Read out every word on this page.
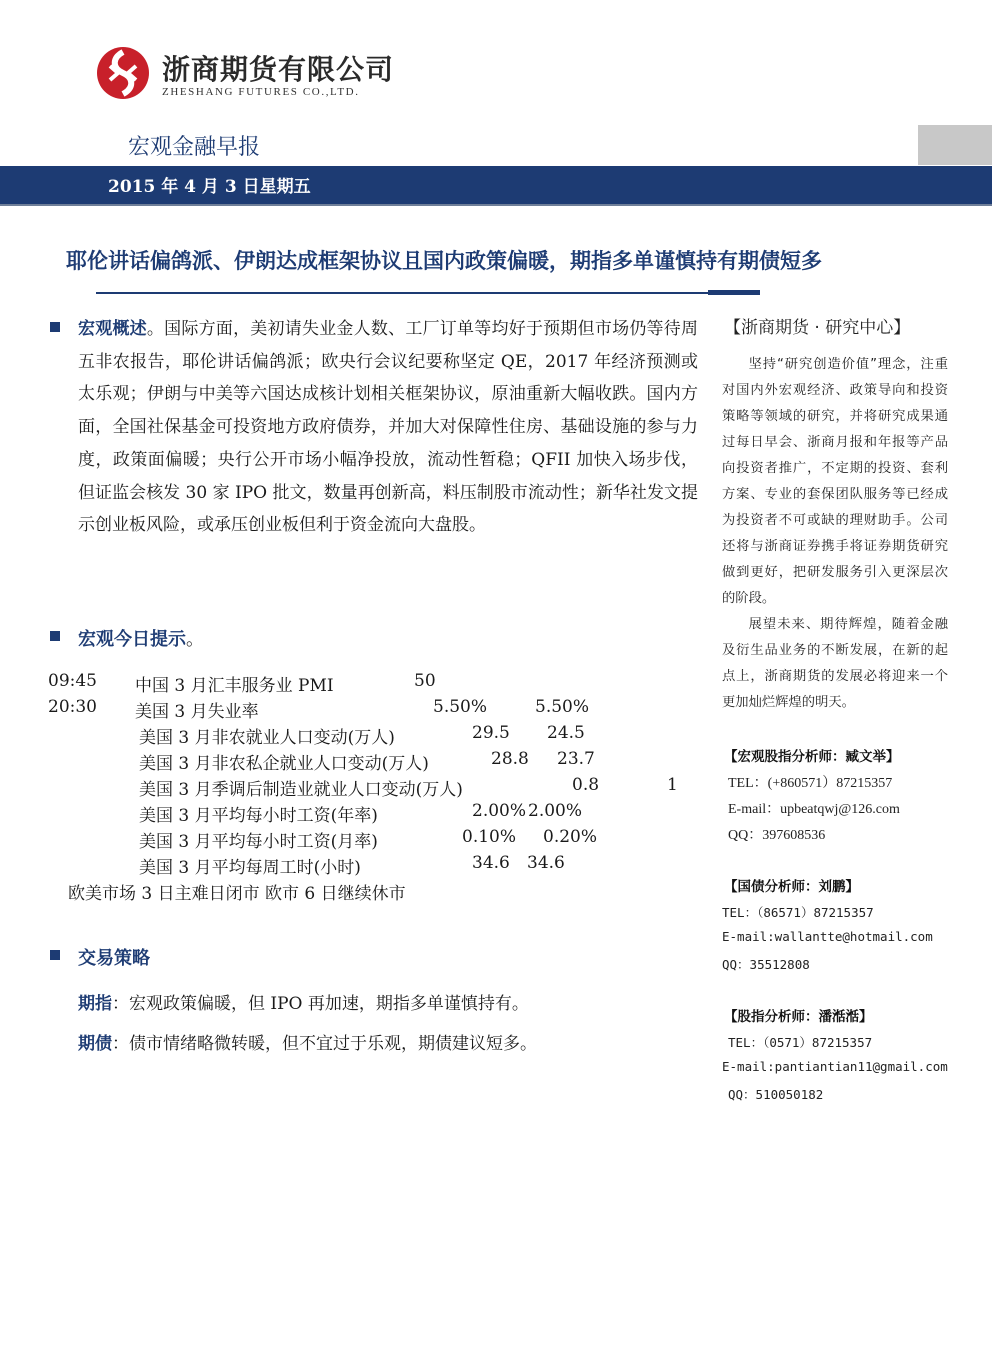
浙商期货有限公司
ZHESHANG FUTURES CO.,LTD.
宏观金融早报
2015 年 4 月 3 日星期五
耶伦讲话偏鸽派、伊朗达成框架协议且国内政策偏暖，期指多单谨慎持有期债短多
宏观概述。国际方面，美初请失业金人数、工厂订单等均好于预期但市场仍等待周五非农报告，耶伦讲话偏鸽派；欧央行会议纪要称坚定 QE，2017 年经济预测或太乐观；伊朗与中美等六国达成核计划相关框架协议，原油重新大幅收跌。国内方面，全国社保基金可投资地方政府债券，并加大对保障性住房、基础设施的参与力度，政策面偏暖；央行公开市场小幅净投放，流动性暂稳；QFII 加快入场步伐，但证监会核发 30 家 IPO 批文，数量再创新高，料压制股市流动性；新华社发文提示创业板风险，或承压创业板但利于资金流向大盘股。
宏观今日提示。
09:45 中国 3 月汇丰服务业 PMI	50
20:30 美国 3 月失业率	5.50%	5.50%
美国 3 月非农就业人口变动(万人)	29.5 24.5
美国 3 月非农私企就业人口变动(万人)	28.8 23.7
美国 3 月季调后制造业就业人口变动(万人)	0.8	1
美国 3 月平均每小时工资(年率)	2.00% 2.00%
美国 3 月平均每小时工资(月率)	0.10% 0.20%
美国 3 月平均每周工时(小时)	34.6 34.6
欧美市场 3 日主难日闭市 欧市 6 日继续休市
交易策略
期指：宏观政策偏暖，但 IPO 再加速，期指多单谨慎持有。
期债：债市情绪略微转暖，但不宜过于乐观，期债建议短多。
【浙商期货 · 研究中心】
坚持“研究创造价值”理念，注重对国内外宏观经济、政策导向和投资策略等领域的研究，并将研究成果通过每日早会、浙商月报和年报等产品向投资者推广，不定期的投资、套利方案、专业的套保团队服务等已经成为投资者不可或缺的理财助手。公司还将与浙商证券携手将证券期货研究做到更好，把研发服务引入更深层次的阶段。
展望未来、期待辉煌，随着金融及衍生品业务的不断发展，在新的起点上，浙商期货的发展必将迎来一个更加灿烂辉煌的明天。
【宏观股指分析师：臧文举】
TEL：(+860571）87215357
E-mail：upbeatqwj@126.com
QQ：397608536
【国债分析师：刘鹏】
TEL：（86571）87215357
E-mail:wallantte@hotmail.com
QQ：35512808
【股指分析师：潘湉湉】
TEL：（0571）87215357
E-mail:pantiantian11@gmail.com
QQ：510050182
